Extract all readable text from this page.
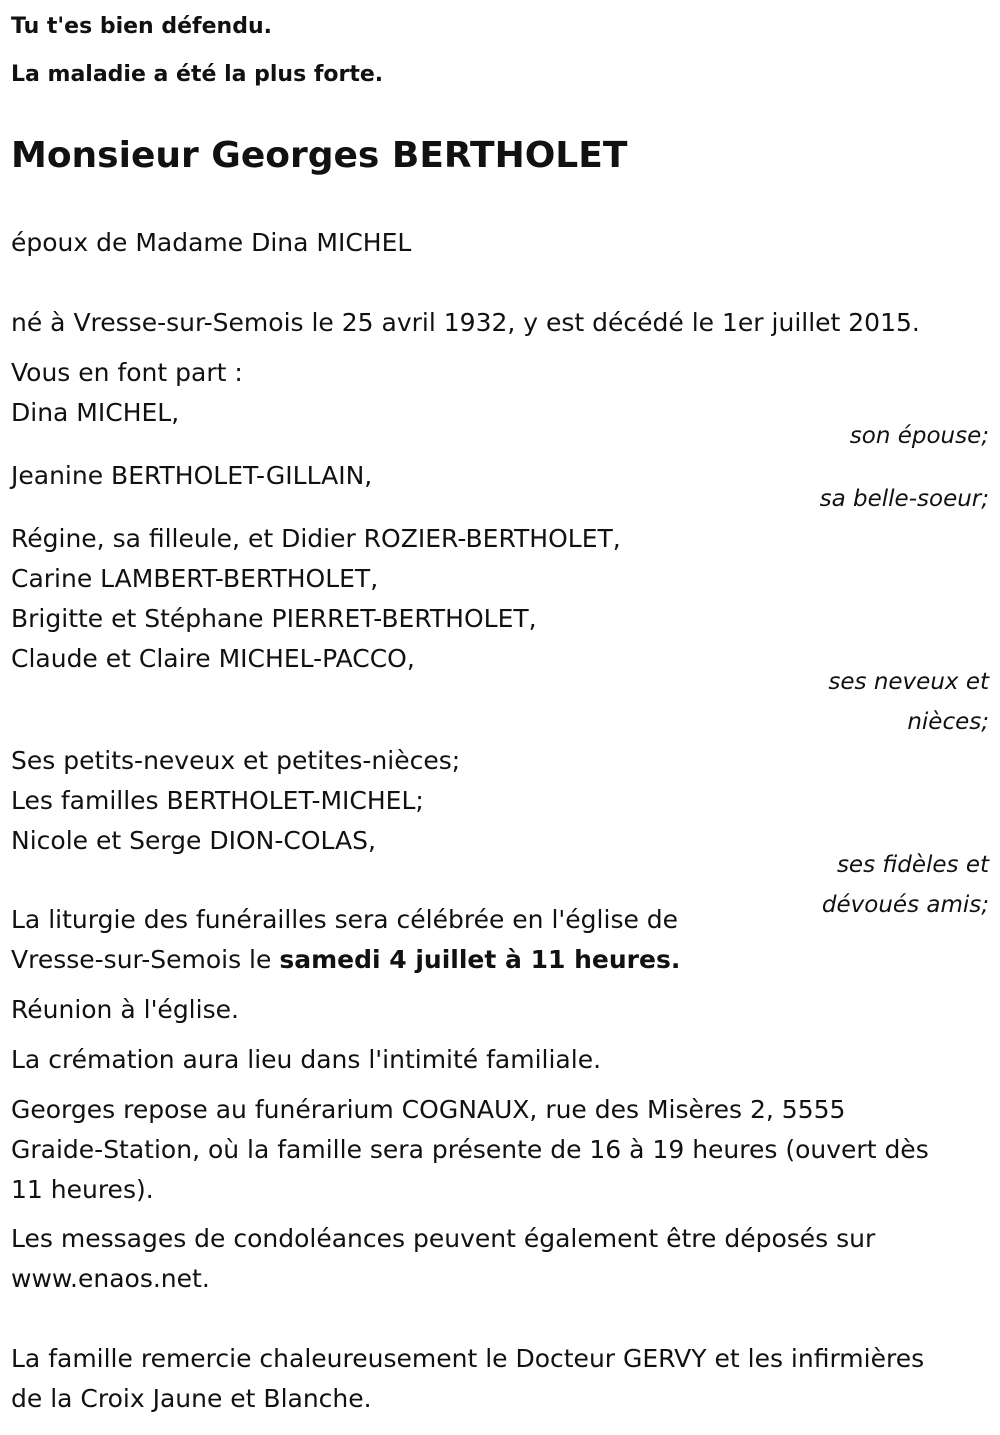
Tu t'es bien défendu.
La maladie a été la plus forte.
Monsieur Georges BERTHOLET
époux de Madame Dina MICHEL
né à Vresse-sur-Semois le 25 avril 1932, y est décédé le 1er juillet 2015.
Vous en font part :
Dina MICHEL,
son épouse;
Jeanine BERTHOLET-GILLAIN,
sa belle-soeur;
Régine, sa filleule, et Didier ROZIER-BERTHOLET,
Carine LAMBERT-BERTHOLET,
Brigitte et Stéphane PIERRET-BERTHOLET,
Claude et Claire MICHEL-PACCO,
ses neveux et
nièces;
Ses petits-neveux et petites-nièces;
Les familles BERTHOLET-MICHEL;
Nicole et Serge DION-COLAS,
ses fidèles et
dévoués amis;
La liturgie des funérailles sera célébrée en l'église de
Vresse-sur-Semois le samedi 4 juillet à 11 heures.
Réunion à l'église.
La crémation aura lieu dans l'intimité familiale.
Georges repose au funérarium COGNAUX, rue des Misères 2, 5555
Graide-Station, où la famille sera présente de 16 à 19 heures (ouvert dès
11 heures).
Les messages de condoléances peuvent également être déposés sur
www.enaos.net.
La famille remercie chaleureusement le Docteur GERVY et les infirmières
de la Croix Jaune et Blanche.
